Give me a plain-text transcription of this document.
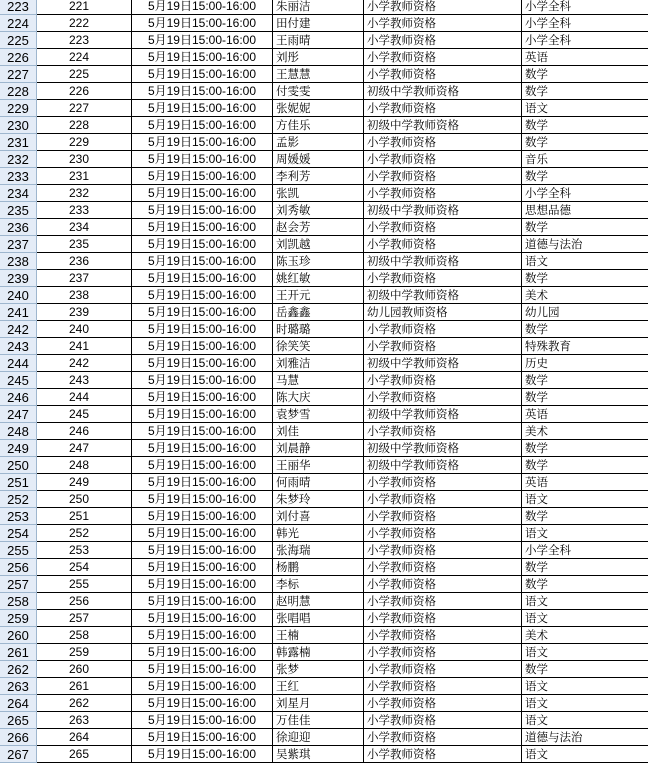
223	221	5月19日15:00-16:00	朱丽洁	小学教师资格	小学全科
224	222	5月19日15:00-16:00	田付建	小学教师资格	小学全科
225	223	5月19日15:00-16:00	王雨晴	小学教师资格	小学全科
226	224	5月19日15:00-16:00	刘彤	小学教师资格	英语
227	225	5月19日15:00-16:00	王慧慧	小学教师资格	数学
228	226	5月19日15:00-16:00	付雯雯	初级中学教师资格	数学
229	227	5月19日15:00-16:00	张妮妮	小学教师资格	语文
230	228	5月19日15:00-16:00	方佳乐	初级中学教师资格	数学
231	229	5月19日15:00-16:00	孟影	小学教师资格	数学
232	230	5月19日15:00-16:00	周媛媛	小学教师资格	音乐
233	231	5月19日15:00-16:00	李利芳	小学教师资格	数学
234	232	5月19日15:00-16:00	张凯	小学教师资格	小学全科
235	233	5月19日15:00-16:00	刘秀敏	初级中学教师资格	思想品德
236	234	5月19日15:00-16:00	赵会芳	小学教师资格	数学
237	235	5月19日15:00-16:00	刘凯越	小学教师资格	道德与法治
238	236	5月19日15:00-16:00	陈玉珍	初级中学教师资格	语文
239	237	5月19日15:00-16:00	姚红敏	小学教师资格	数学
240	238	5月19日15:00-16:00	王开元	初级中学教师资格	美术
241	239	5月19日15:00-16:00	岳鑫鑫	幼儿园教师资格	幼儿园
242	240	5月19日15:00-16:00	时璐璐	小学教师资格	数学
243	241	5月19日15:00-16:00	徐笑笑	小学教师资格	特殊教育
244	242	5月19日15:00-16:00	刘雅洁	初级中学教师资格	历史
245	243	5月19日15:00-16:00	马慧	小学教师资格	数学
246	244	5月19日15:00-16:00	陈大庆	小学教师资格	数学
247	245	5月19日15:00-16:00	袁梦雪	初级中学教师资格	英语
248	246	5月19日15:00-16:00	刘佳	小学教师资格	美术
249	247	5月19日15:00-16:00	刘晨静	初级中学教师资格	数学
250	248	5月19日15:00-16:00	王丽华	初级中学教师资格	数学
251	249	5月19日15:00-16:00	何雨晴	小学教师资格	英语
252	250	5月19日15:00-16:00	朱梦玲	小学教师资格	语文
253	251	5月19日15:00-16:00	刘付喜	小学教师资格	数学
254	252	5月19日15:00-16:00	韩光	小学教师资格	语文
255	253	5月19日15:00-16:00	张海瑞	小学教师资格	小学全科
256	254	5月19日15:00-16:00	杨鹏	小学教师资格	数学
257	255	5月19日15:00-16:00	李标	小学教师资格	数学
258	256	5月19日15:00-16:00	赵明慧	小学教师资格	语文
259	257	5月19日15:00-16:00	张唱唱	小学教师资格	语文
260	258	5月19日15:00-16:00	王楠	小学教师资格	美术
261	259	5月19日15:00-16:00	韩露楠	小学教师资格	语文
262	260	5月19日15:00-16:00	张梦	小学教师资格	数学
263	261	5月19日15:00-16:00	王红	小学教师资格	语文
264	262	5月19日15:00-16:00	刘星月	小学教师资格	语文
265	263	5月19日15:00-16:00	万佳佳	小学教师资格	语文
266	264	5月19日15:00-16:00	徐迎迎	小学教师资格	道德与法治
267	265	5月19日15:00-16:00	吴紫琪	小学教师资格	语文
